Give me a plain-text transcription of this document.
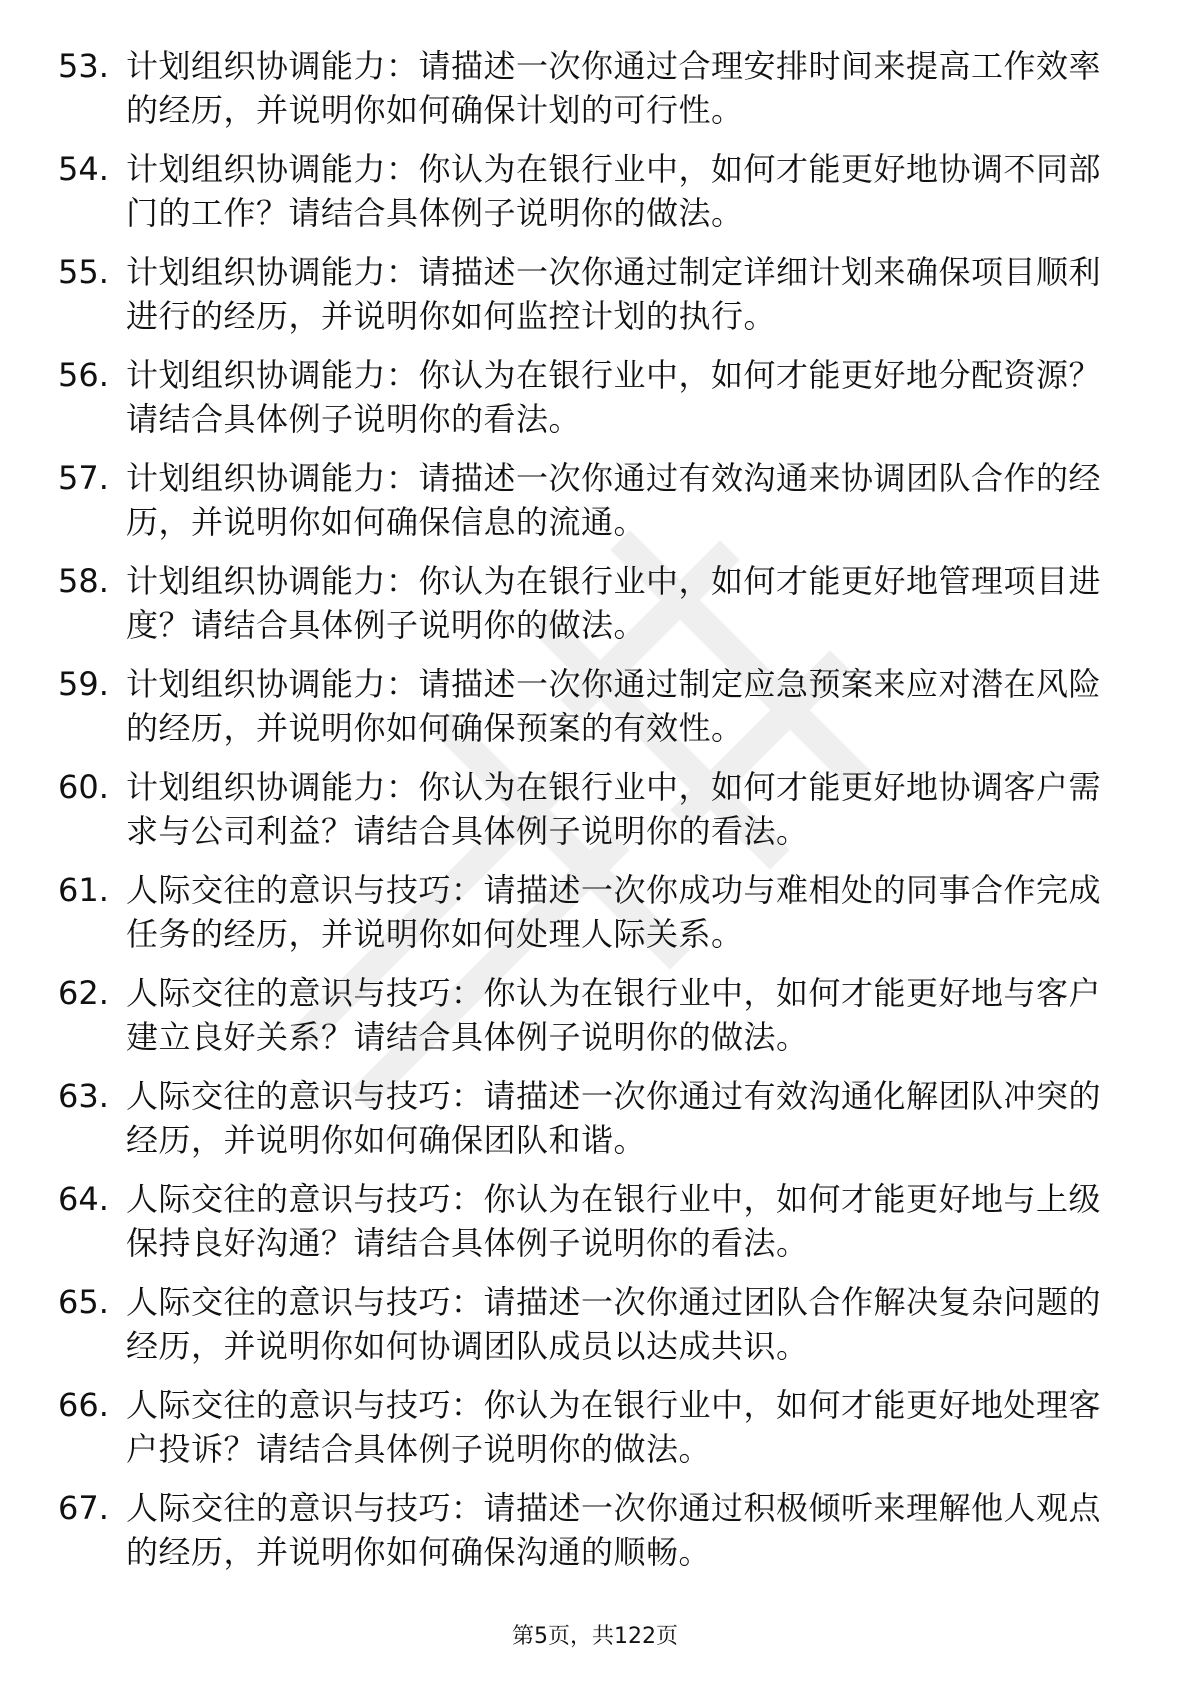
53. 计划组织协调能力：请描述一次你通过合理安排时间来提高工作效率的经历，并说明你如何确保计划的可行性。
54. 计划组织协调能力：你认为在银行业中，如何才能更好地协调不同部门的工作？请结合具体例子说明你的做法。
55. 计划组织协调能力：请描述一次你通过制定详细计划来确保项目顺利进行的经历，并说明你如何监控计划的执行。
56. 计划组织协调能力：你认为在银行业中，如何才能更好地分配资源？请结合具体例子说明你的看法。
57. 计划组织协调能力：请描述一次你通过有效沟通来协调团队合作的经历，并说明你如何确保信息的流通。
58. 计划组织协调能力：你认为在银行业中，如何才能更好地管理项目进度？请结合具体例子说明你的做法。
59. 计划组织协调能力：请描述一次你通过制定应急预案来应对潜在风险的经历，并说明你如何确保预案的有效性。
60. 计划组织协调能力：你认为在银行业中，如何才能更好地协调客户需求与公司利益？请结合具体例子说明你的看法。
61. 人际交往的意识与技巧：请描述一次你成功与难相处的同事合作完成任务的经历，并说明你如何处理人际关系。
62. 人际交往的意识与技巧：你认为在银行业中，如何才能更好地与客户建立良好关系？请结合具体例子说明你的做法。
63. 人际交往的意识与技巧：请描述一次你通过有效沟通化解团队冲突的经历，并说明你如何确保团队和谐。
64. 人际交往的意识与技巧：你认为在银行业中，如何才能更好地与上级保持良好沟通？请结合具体例子说明你的看法。
65. 人际交往的意识与技巧：请描述一次你通过团队合作解决复杂问题的经历，并说明你如何协调团队成员以达成共识。
66. 人际交往的意识与技巧：你认为在银行业中，如何才能更好地处理客户投诉？请结合具体例子说明你的做法。
67. 人际交往的意识与技巧：请描述一次你通过积极倾听来理解他人观点的经历，并说明你如何确保沟通的顺畅。
第5页，共122页
